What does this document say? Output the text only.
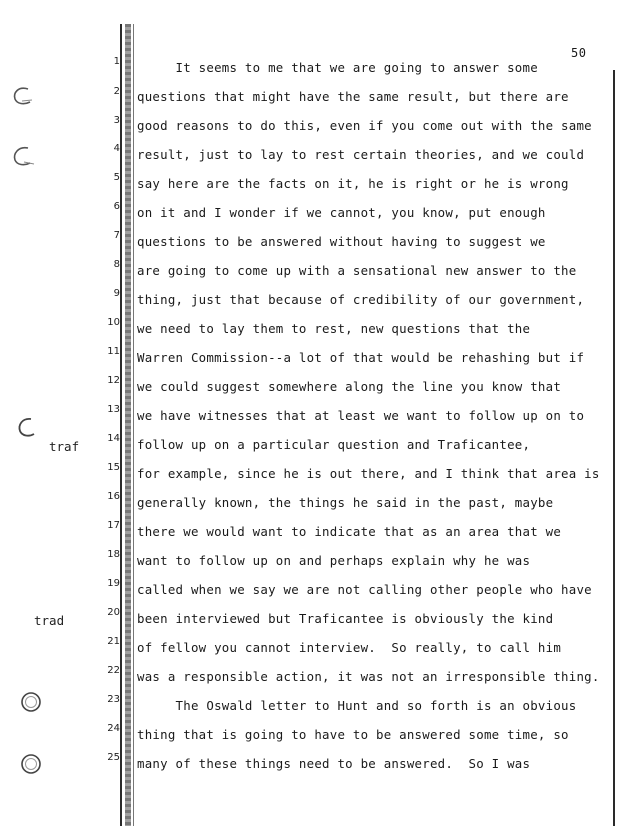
50
traf
trad
1
2
3
4
5
6
7
8
9
10
11
12
13
14
15
16
17
18
19
20
21
22
23
24
25
It seems to me that we are going to answer some
questions that might have the same result, but there are
good reasons to do this, even if you come out with the same
result, just to lay to rest certain theories, and we could
say here are the facts on it, he is right or he is wrong
on it and I wonder if we cannot, you know, put enough
questions to be answered without having to suggest we
are going to come up with a sensational new answer to the
thing, just that because of credibility of our government,
we need to lay them to rest, new questions that the
Warren Commission--a lot of that would be rehashing but if
we could suggest somewhere along the line you know that
we have witnesses that at least we want to follow up on to
follow up on a particular question and Traficantee,
for example, since he is out there, and I think that area is
generally known, the things he said in the past, maybe
there we would want to indicate that as an area that we
want to follow up on and perhaps explain why he was
called when we say we are not calling other people who have
been interviewed but Traficantee is obviously the kind
of fellow you cannot interview.  So really, to call him
was a responsible action, it was not an irresponsible thing.
The Oswald letter to Hunt and so forth is an obvious
thing that is going to have to be answered some time, so
many of these things need to be answered.  So I was
